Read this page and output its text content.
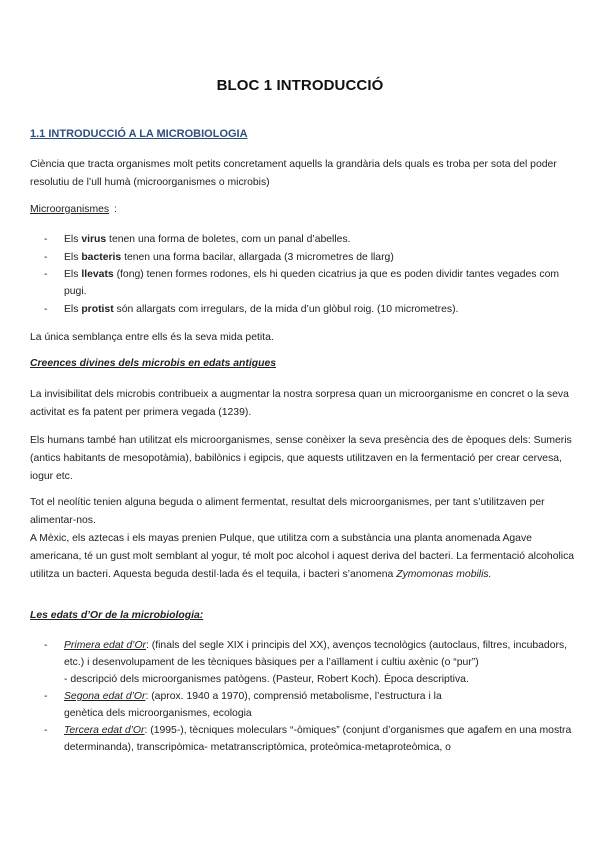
BLOC 1 INTRODUCCIÓ
1.1 INTRODUCCIÓ A LA MICROBIOLOGIA

Ciència que tracta organismes molt petits concretament aquells la grandària dels quals es troba per sota del poder resolutiu de l’ull humà (microorganismes o microbis)

Microorganismes :
- Els virus tenen una forma de boletes, com un panal d’abelles.
- Els bacteris tenen una forma bacilar, allargada (3 micrometres de llarg)
- Els llevats (fong) tenen formes rodones, els hi queden cicatrius ja que es poden dividir tantes vegades com pugi.
- Els protist són allargats com irregulars, de la mida d’un glòbul roig. (10 micrometres).

La única semblança entre ells és la seva mida petita.

Creences divines dels microbis en edats antigues

La invisibilitat dels microbis contribueix a augmentar la nostra sorpresa quan un microorganisme en concret o la seva activitat es fa patent per primera vegada (1239).

Els humans també han utilitzat els microorganismes, sense conèixer la seva presència des de èpoques dels: Sumeris (antics habitants de mesopotàmia), babilònics i egipcis, que aquests utilitzaven en la fermentació per crear cervesa, iogur etc.

Tot el neolític tenien alguna beguda o aliment fermentat, resultat dels microorganismes, per tant s’utilitzaven per alimentar-nos.

A Mèxic, els aztecas i els mayas prenien Pulque, que utilitza com a substància una planta anomenada Agave americana, té un gust molt semblant al yogur, té molt poc alcohol i aquest deriva del bacteri. La fermentació alcoholica utilitza un bacteri. Aquesta beguda destil·lada és el tequila, i bacteri s’anomena Zymomonas mobilis.

Les edats d’Or de la microbiologia:
- Primera edat d’Or: (finals del segle XIX i principis del XX), avenços tecnològics (autoclaus, filtres, incubadors, etc.) i desenvolupament de les tècniques bàsiques per a l’aïllament i cultiu axènic (o “pur”)
- descripció dels microorganismes patògens. (Pasteur, Robert Koch). Època descriptiva.
- Segona edat d’Or: (aprox. 1940 a 1970), comprensió metabolisme, l’estructura i la
genètica dels microorganismes, ecologia
- Tercera edat d’Or: (1995-), tècniques moleculars “-òmiques” (conjunt d’organismes que agafem en una mostra determinanda), transcripòmica- metatranscriptòmica, proteòmica-metaproteòmica, o
